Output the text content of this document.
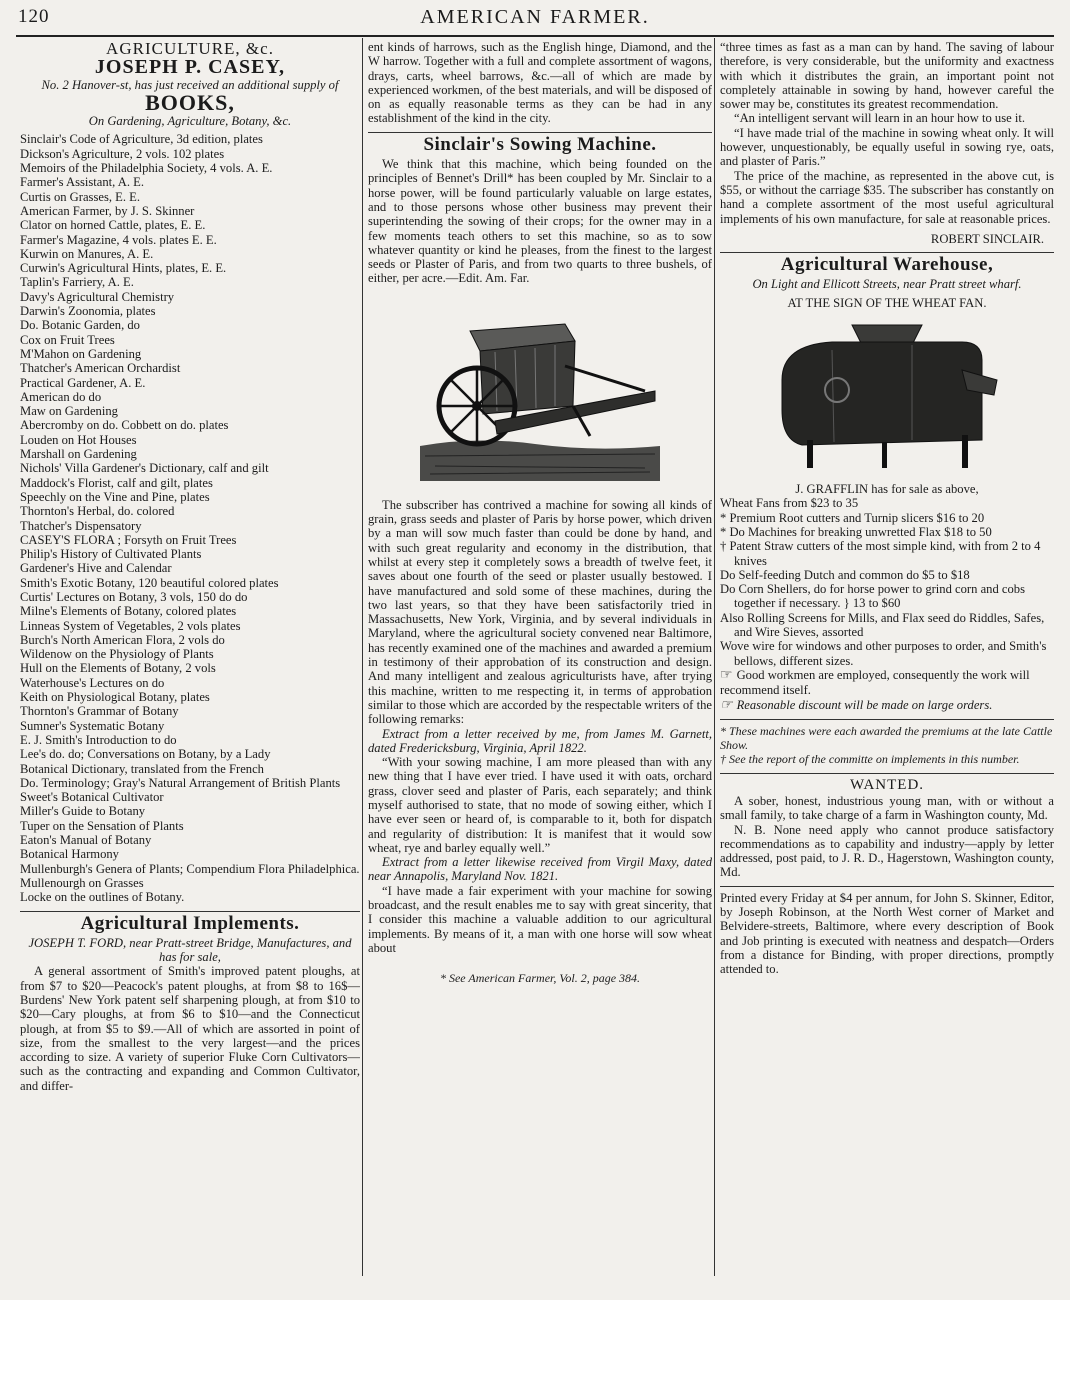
120	AMERICAN FARMER.
AGRICULTURE, &c.
JOSEPH P. CASEY,
No. 2 Hanover-st, has just received an additional supply of
BOOKS,
On Gardening, Agriculture, Botany, &c.
Sinclair's Code of Agriculture, 3d edition, plates
Dickson's Agriculture, 2 vols. 102 plates
Memoirs of the Philadelphia Society, 4 vols. A. E.
Farmer's Assistant, A. E.
Curtis on Grasses, E. E.
American Farmer, by J. S. Skinner
Clator on horned Cattle, plates, E. E.
Farmer's Magazine, 4 vols. plates E. E.
Kurwin on Manures, A. E.
Curwin's Agricultural Hints, plates, E. E.
Taplin's Farriery, A. E.
Davy's Agricultural Chemistry
Darwin's Zoonomia, plates
Do. Botanic Garden, do
Cox on Fruit Trees
M'Mahon on Gardening
Thatcher's American Orchardist
Practical Gardener, A. E.
American do do
Maw on Gardening
Abercromby on do. Cobbett on do. plates
Louden on Hot Houses
Marshall on Gardening
Nichols' Villa Gardener's Dictionary, calf and gilt
Maddock's Florist, calf and gilt, plates
Speechly on the Vine and Pine, plates
Thornton's Herbal, do. colored
Thatcher's Dispensatory
CASEY'S FLORA ; Forsyth on Fruit Trees
Philip's History of Cultivated Plants
Gardener's Hive and Calendar
Smith's Exotic Botany, 120 beautiful colored plates
Curtis' Lectures on Botany, 3 vols, 150 do do
Milne's Elements of Botany, colored plates
Linneas System of Vegetables, 2 vols plates
Burch's North American Flora, 2 vols do
Wildenow on the Physiology of Plants
Hull on the Elements of Botany, 2 vols
Waterhouse's Lectures on do
Keith on Physiological Botany, plates
Thornton's Grammar of Botany
Sumner's Systematic Botany
E. J. Smith's Introduction to do
Lee's do. do; Conversations on Botany, by a Lady
Botanical Dictionary, translated from the French
Do. Terminology; Gray's Natural Arrangement of British Plants
Sweet's Botanical Cultivator
Miller's Guide to Botany
Tuper on the Sensation of Plants
Eaton's Manual of Botany
Botanical Harmony
Mullenburgh's Genera of Plants; Compendium Flora Philadelphica.
Mullenourgh on Grasses
Locke on the outlines of Botany.
Agricultural Implements.
JOSEPH T. FORD, near Pratt-street Bridge, Manufactures, and has for sale,

A general assortment of Smith's improved patent ploughs, at from $7 to $20—Peacock's patent ploughs, at from $8 to 16$—Burdens' New York patent self sharpening plough, at from $10 to $20—Cary ploughs, at from $6 to $10—and the Connecticut plough, at from $5 to $9.—All of which are assorted in point of size, from the smallest to the very largest—and the prices according to size. A variety of superior Fluke Corn Cultivators—such as the contracting and expanding and Common Cultivator, and differ-

ent kinds of harrows, such as the English hinge, Diamond, and the W harrow. Together with a full and complete assortment of wagons, drays, carts, wheel barrows, &c.—all of which are made by experienced workmen, of the best materials, and will be disposed of on as equally reasonable terms as they can be had in any establishment of the kind in the city.

Sinclair's Sowing Machine.

We think that this machine, which being founded on the principles of Bennet's Drill* has been coupled by Mr. Sinclair to a horse power, will be found particularly valuable on large estates, and to those persons whose other business may prevent their superintending the sowing of their crops; for the owner may in a few moments teach others to set this machine, so as to sow whatever quantity or kind he pleases, from the finest to the largest seeds or Plaster of Paris, and from two quarts to three bushels, of either, per acre.—Edit. Am. Far.

The subscriber has contrived a machine for sowing all kinds of grain, grass seeds and plaster of Paris by horse power, which driven by a man will sow much faster than could be done by hand, and with such great regularity and economy in the distribution, that whilst at every step it completely sows a breadth of twelve feet, it saves about one fourth of the seed or plaster usually bestowed. I have manufactured and sold some of these machines, during the two last years, so that they have been satisfactorily tried in Massachusetts, New York, Virginia, and by several individuals in Maryland, where the agricultural society convened near Baltimore, has recently examined one of the machines and awarded a premium in testimony of their approbation of its construction and design. And many intelligent and zealous agriculturists have, after trying this machine, written to me respecting it, in terms of approbation similar to those which are accorded by the respectable writers of the following remarks:

Extract from a letter received by me, from James M. Garnett, dated Fredericksburg, Virginia, April 1822.

“With your sowing machine, I am more pleased than with any new thing that I have ever tried. I have used it with oats, orchard grass, clover seed and plaster of Paris, each separately; and think myself authorised to state, that no mode of sowing either, which I have ever seen or heard of, is comparable to it, both for dispatch and regularity of distribution: It is manifest that it would sow wheat, rye and barley equally well.”

Extract from a letter likewise received from Virgil Maxy, dated near Annapolis, Maryland Nov. 1821.

“I have made a fair experiment with your machine for sowing broadcast, and the result enables me to say with great sincerity, that I consider this machine a valuable addition to our agricultural implements. By means of it, a man with one horse will sow wheat about

* See American Farmer, Vol. 2, page 384.

“three times as fast as a man can by hand. The saving of labour therefore, is very considerable, but the uniformity and exactness with which it distributes the grain, an important point not completely attainable in sowing by hand, however careful the sower may be, constitutes its greatest recommendation.

“An intelligent servant will learn in an hour how to use it.

“I have made trial of the machine in sowing wheat only. It will however, unquestionably, be equally useful in sowing rye, oats, and plaster of Paris.”

The price of the machine, as represented in the above cut, is $55, or without the carriage $35. The subscriber has constantly on hand a complete assortment of the most useful agricultural implements of his own manufacture, for sale at reasonable prices.

ROBERT SINCLAIR.
Agricultural Warehouse,
On Light and Ellicott Streets, near Pratt street wharf.
AT THE SIGN OF THE WHEAT FAN.
J. GRAFFLIN has for sale as above,
Wheat Fans from $23 to 35
* Premium Root cutters and Turnip slicers $16 to 20
* Do Machines for breaking unwretted Flax $18 to 50
† Patent Straw cutters of the most simple kind, with from 2 to 4 knives
Do Self-feeding Dutch and common do $5 to $18
Do Corn Shellers, do for horse power to grind corn and cobs together if necessary. } 13 to $60
Also Rolling Screens for Mills, and Flax seed do Riddles, Safes, and Wire Sieves, assorted
Wove wire for windows and other purposes to order, and Smith's bellows, different sizes.
☞ Good workmen are employed, consequently the work will recommend itself.
☞ Reasonable discount will be made on large orders.
* These machines were each awarded the premiums at the late Cattle Show.
† See the report of the committe on implements in this number.
WANTED.

A sober, honest, industrious young man, with or without a small family, to take charge of a farm in Washington county, Md.

N. B. None need apply who cannot produce satisfactory recommendations as to capability and industry—apply by letter addressed, post paid, to J. R. D., Hagerstown, Washington county, Md.

Printed every Friday at $4 per annum, for John S. Skinner, Editor, by Joseph Robinson, at the North West corner of Market and Belvidere-streets, Baltimore, where every description of Book and Job printing is executed with neatness and despatch—Orders from a distance for Binding, with proper directions, promptly attended to.
